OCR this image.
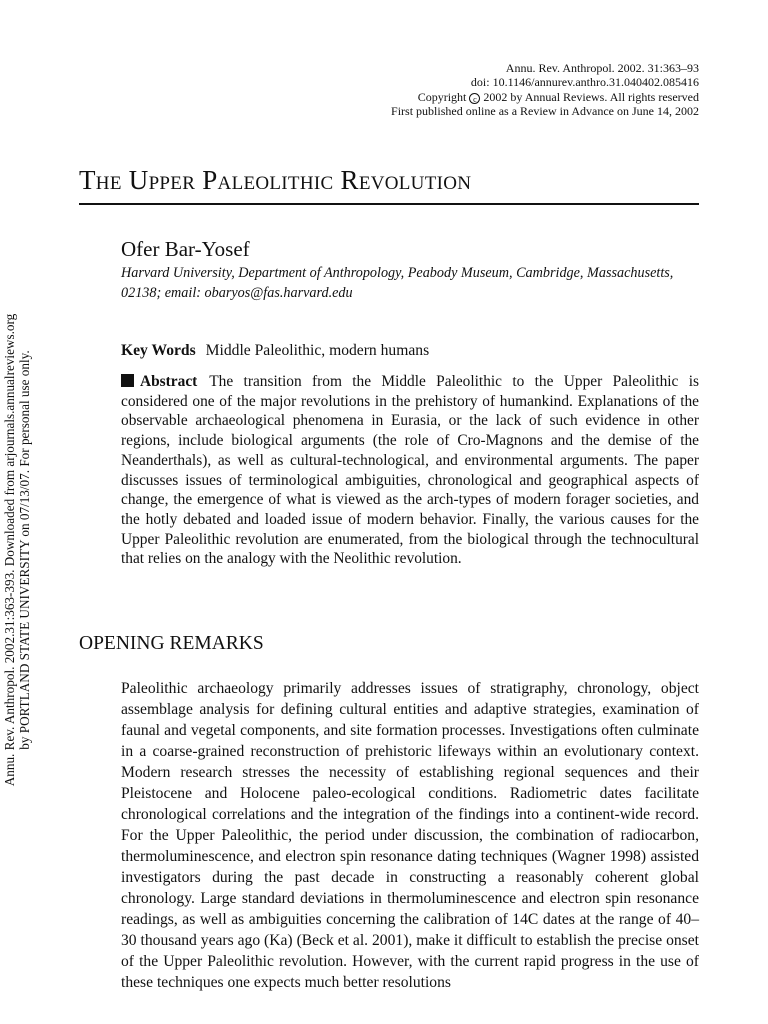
Annu. Rev. Anthropol. 2002. 31:363–93
doi: 10.1146/annurev.anthro.31.040402.085416
Copyright c 2002 by Annual Reviews. All rights reserved
First published online as a Review in Advance on June 14, 2002
The Upper Paleolithic Revolution
Ofer Bar-Yosef
Harvard University, Department of Anthropology, Peabody Museum, Cambridge, Massachusetts, 02138; email: obaryos@fas.harvard.edu
Key Words Middle Paleolithic, modern humans

Abstract The transition from the Middle Paleolithic to the Upper Paleolithic is considered one of the major revolutions in the prehistory of humankind. Explanations of the observable archaeological phenomena in Eurasia, or the lack of such evidence in other regions, include biological arguments (the role of Cro-Magnons and the demise of the Neanderthals), as well as cultural-technological, and environmental arguments. The paper discusses issues of terminological ambiguities, chronological and geographical aspects of change, the emergence of what is viewed as the arch-types of modern forager societies, and the hotly debated and loaded issue of modern behavior. Finally, the various causes for the Upper Paleolithic revolution are enumerated, from the biological through the technocultural that relies on the analogy with the Neolithic revolution.

OPENING REMARKS

Paleolithic archaeology primarily addresses issues of stratigraphy, chronology, object assemblage analysis for defining cultural entities and adaptive strategies, examination of faunal and vegetal components, and site formation processes. Investigations often culminate in a coarse-grained reconstruction of prehistoric lifeways within an evolutionary context. Modern research stresses the necessity of establishing regional sequences and their Pleistocene and Holocene paleo-ecological conditions. Radiometric dates facilitate chronological correlations and the integration of the findings into a continent-wide record. For the Upper Paleolithic, the period under discussion, the combination of radiocarbon, thermoluminescence, and electron spin resonance dating techniques (Wagner 1998) assisted investigators during the past decade in constructing a reasonably coherent global chronology. Large standard deviations in thermoluminescence and electron spin resonance readings, as well as ambiguities concerning the calibration of 14C dates at the range of 40–30 thousand years ago (Ka) (Beck et al. 2001), make it difficult to establish the precise onset of the Upper Paleolithic revolution. However, with the current rapid progress in the use of these techniques one expects much better resolutions

Annu. Rev. Anthropol. 2002.31:363-393. Downloaded from arjournals.annualreviews.org by PORTLAND STATE UNIVERSITY on 07/13/07. For personal use only.
